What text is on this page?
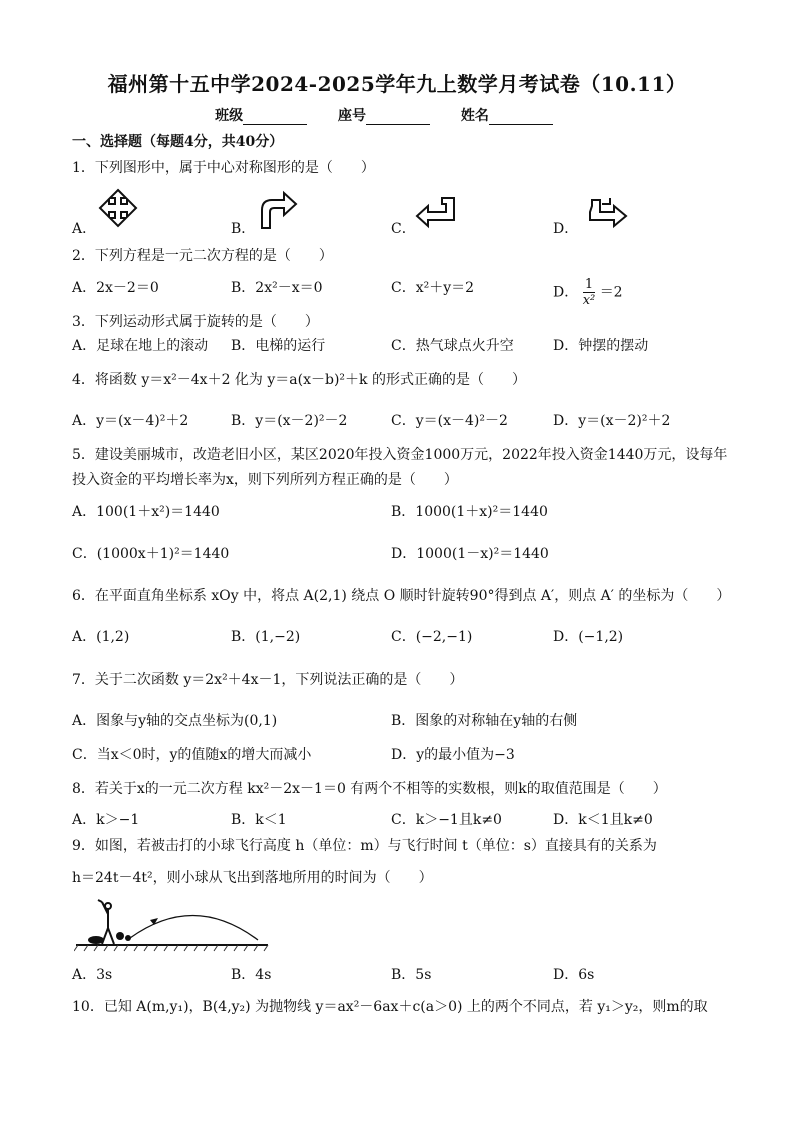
福州第十五中学2024-2025学年九上数学月考试卷（10.11）
班级	座号	姓名
一、选择题（每题4分，共40分）
1．下列图形中，属于中心对称图形的是（　　）
A．	B．	C．	D．
2．下列方程是一元二次方程的是（　　）
A．2x－2＝0	B．2x²－x＝0	C．x²＋y＝2	D． $\frac{1}{\text{x²}} =2$
3．下列运动形式属于旋转的是（　　）
A．足球在地上的滚动 B．电梯的运行	C．热气球点火升空	D．钟摆的摆动
4．将函数 y＝x²－4x＋2 化为 y＝a(x－b)²＋k 的形式正确的是（　　）
A．y＝(x－4)²＋2	B．y＝(x－2)²－2	C．y＝(x－4)²－2	D．y＝(x－2)²＋2
5．建设美丽城市，改造老旧小区，某区2020年投入资金1000万元，2022年投入资金1440万元，设每年
投入资金的平均增长率为x，则下列所列方程正确的是（　　）
A．100(1＋x²)＝1440	B．1000(1＋x)²＝1440
C．(1000x＋1)²＝1440	D．1000(1－x)²＝1440
6．在平面直角坐标系 xOy 中，将点 A(2,1) 绕点 O 顺时针旋转90°得到点 A′，则点 A′ 的坐标为（　　）
A．(1,2)	B．(1,−2)	C．(−2,−1)	D．(−1,2)
7．关于二次函数 y＝2x²＋4x－1，下列说法正确的是（　　）
A．图象与y轴的交点坐标为(0,1)	B．图象的对称轴在y轴的右侧
C．当x＜0时，y的值随x的增大而减小	D．y的最小值为−3
8．若关于x的一元二次方程 kx²－2x－1＝0 有两个不相等的实数根，则k的取值范围是（　　）
A．k＞−1	B．k＜1	C．k＞−1且k≠0	D．k＜1且k≠0
9．如图，若被击打的小球飞行高度 h（单位：m）与飞行时间 t（单位：s）直接具有的关系为
h＝24t－4t²，则小球从飞出到落地所用的时间为（　　）
A．3s	B．4s	B．5s	D．6s
10．已知 A(m,y₁)，B(4,y₂) 为抛物线 y＝ax²－6ax＋c(a＞0) 上的两个不同点，若 y₁＞y₂，则m的取
